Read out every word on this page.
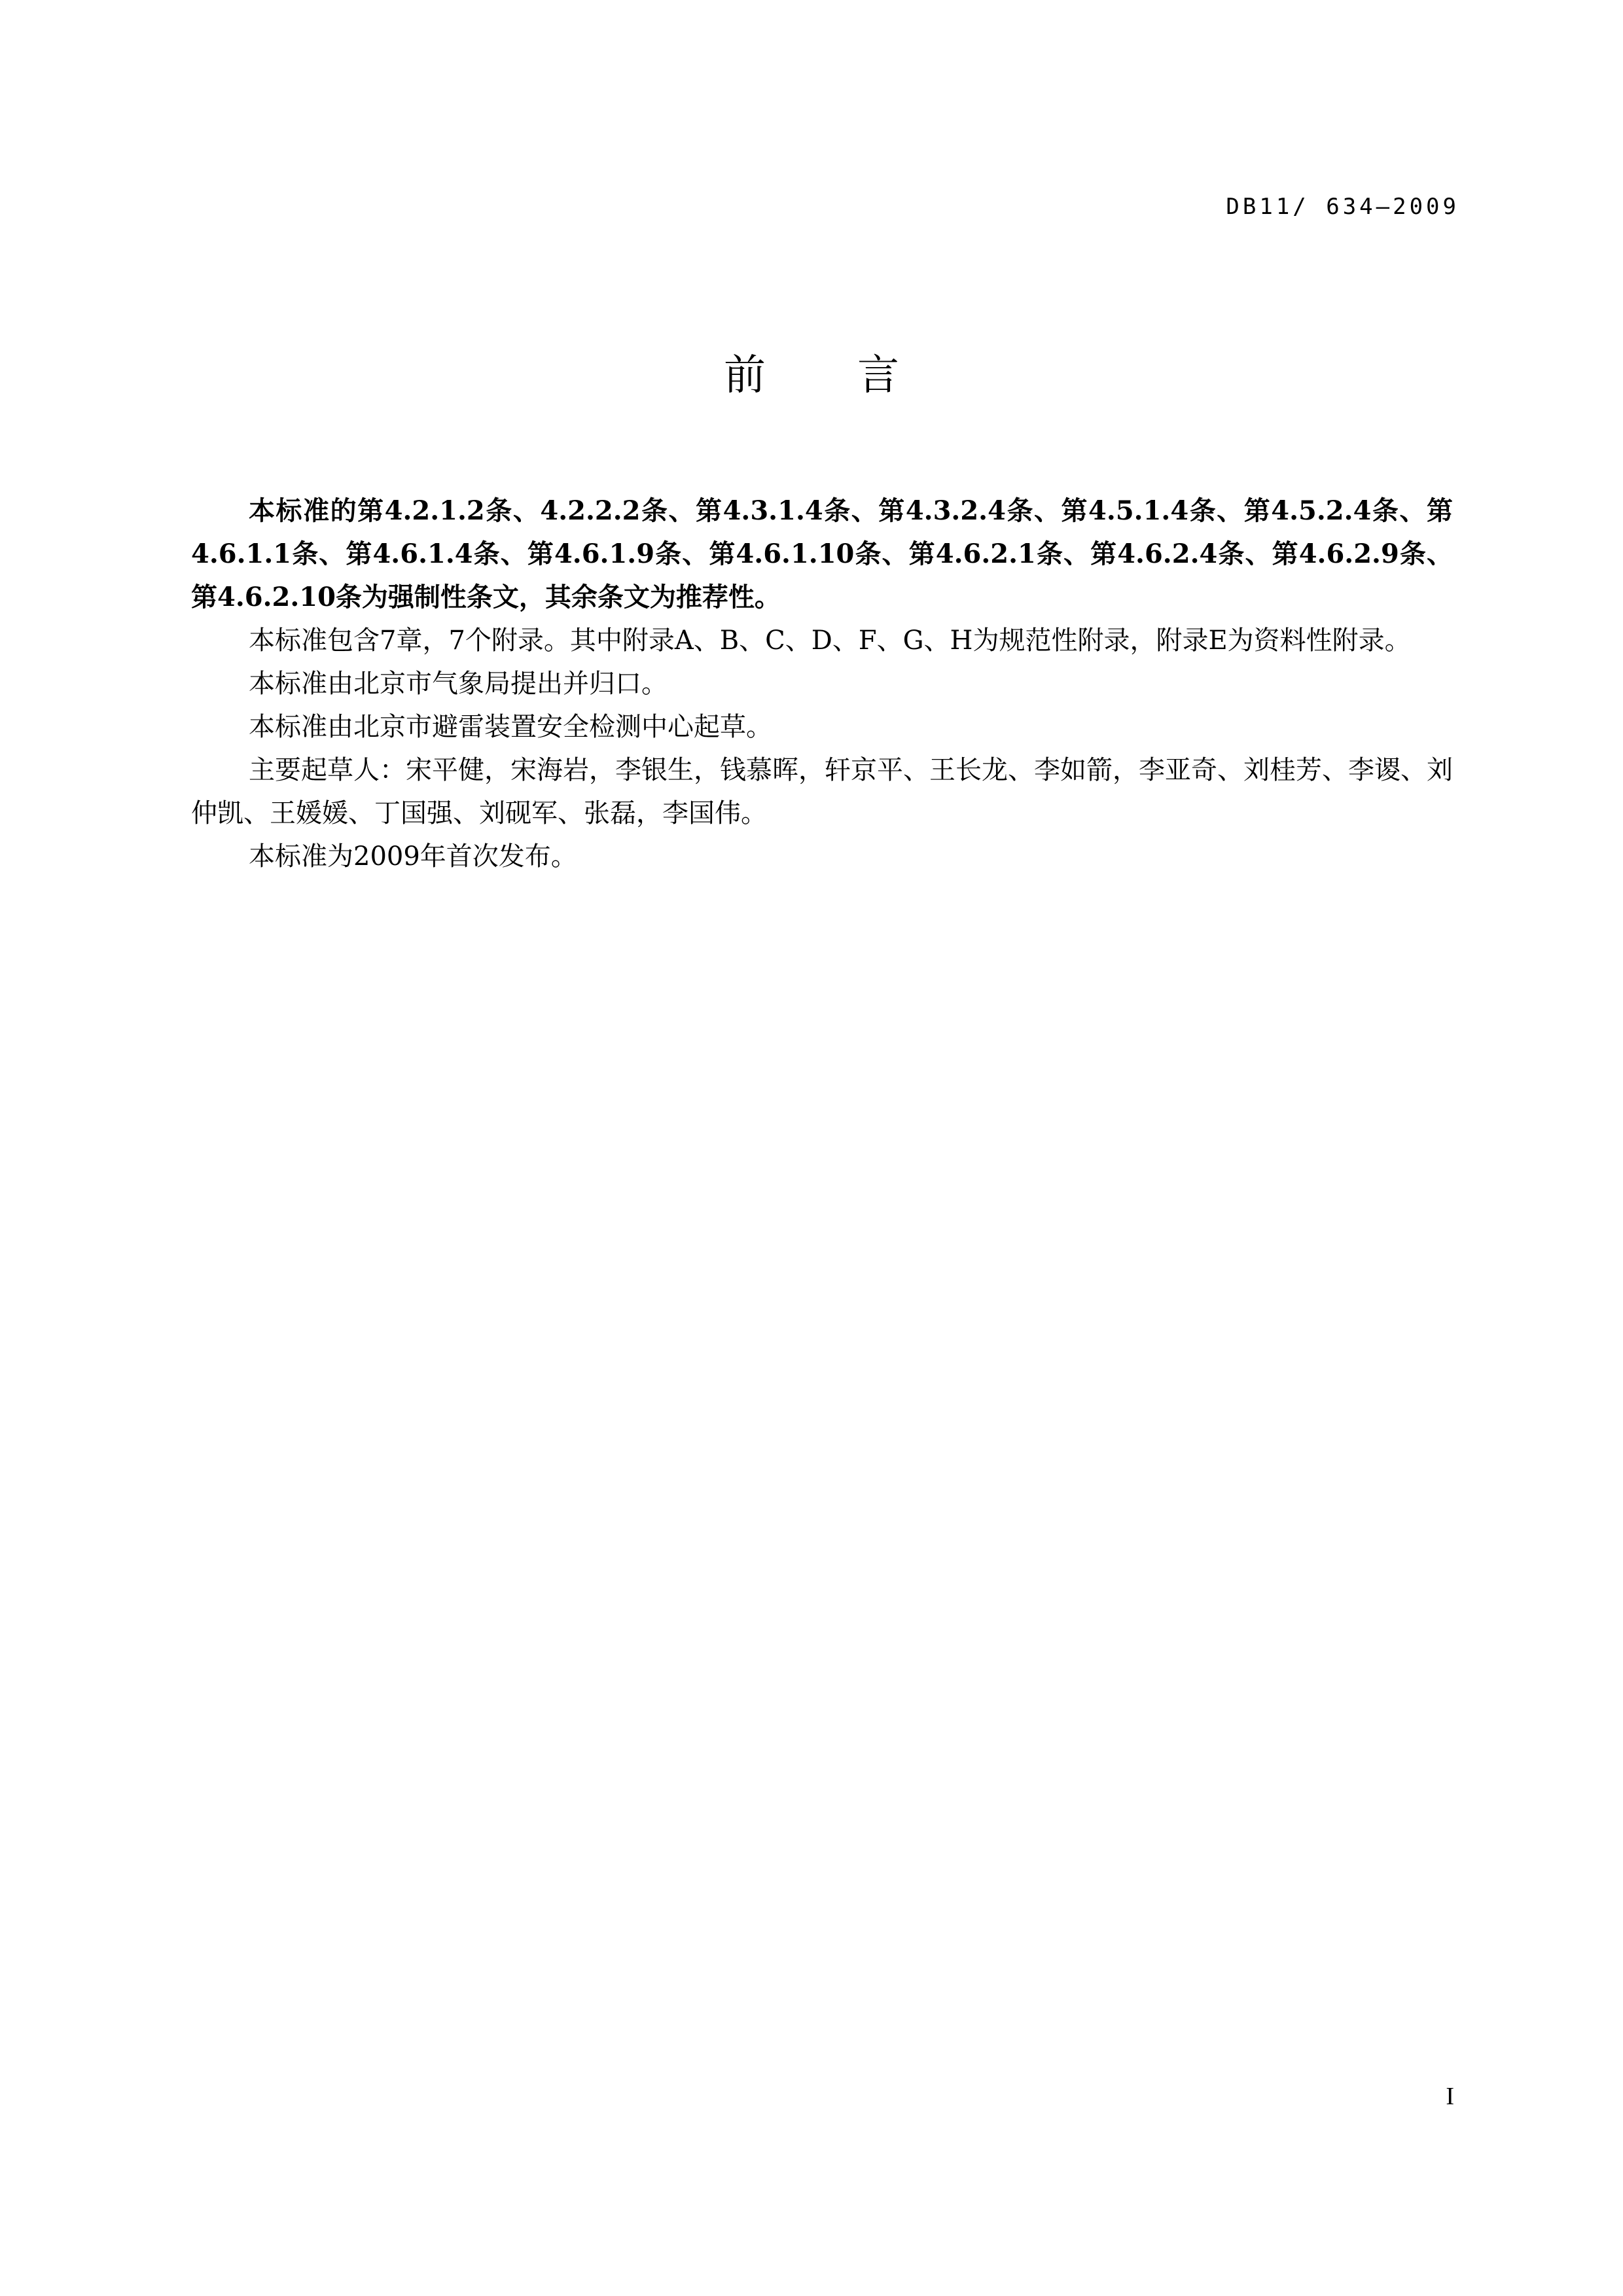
DB11/ 634—2009
前 言

本标准的第4.2.1.2条、4.2.2.2条、第4.3.1.4条、第4.3.2.4条、第4.5.1.4条、第4.5.2.4条、第4.6.1.1条、第4.6.1.4条、第4.6.1.9条、第4.6.1.10条、第4.6.2.1条、第4.6.2.4条、第4.6.2.9条、第4.6.2.10条为强制性条文，其余条文为推荐性。

本标准包含7章，7个附录。其中附录A、B、C、D、F、G、H为规范性附录，附录E为资料性附录。

本标准由北京市气象局提出并归口。

本标准由北京市避雷装置安全检测中心起草。

主要起草人：宋平健，宋海岩，李银生，钱慕晖，轩京平、王长龙、李如箭，李亚奇、刘桂芳、李谡、刘仲凯、王媛媛、丁国强、刘砚军、张磊，李国伟。

本标准为2009年首次发布。

I
